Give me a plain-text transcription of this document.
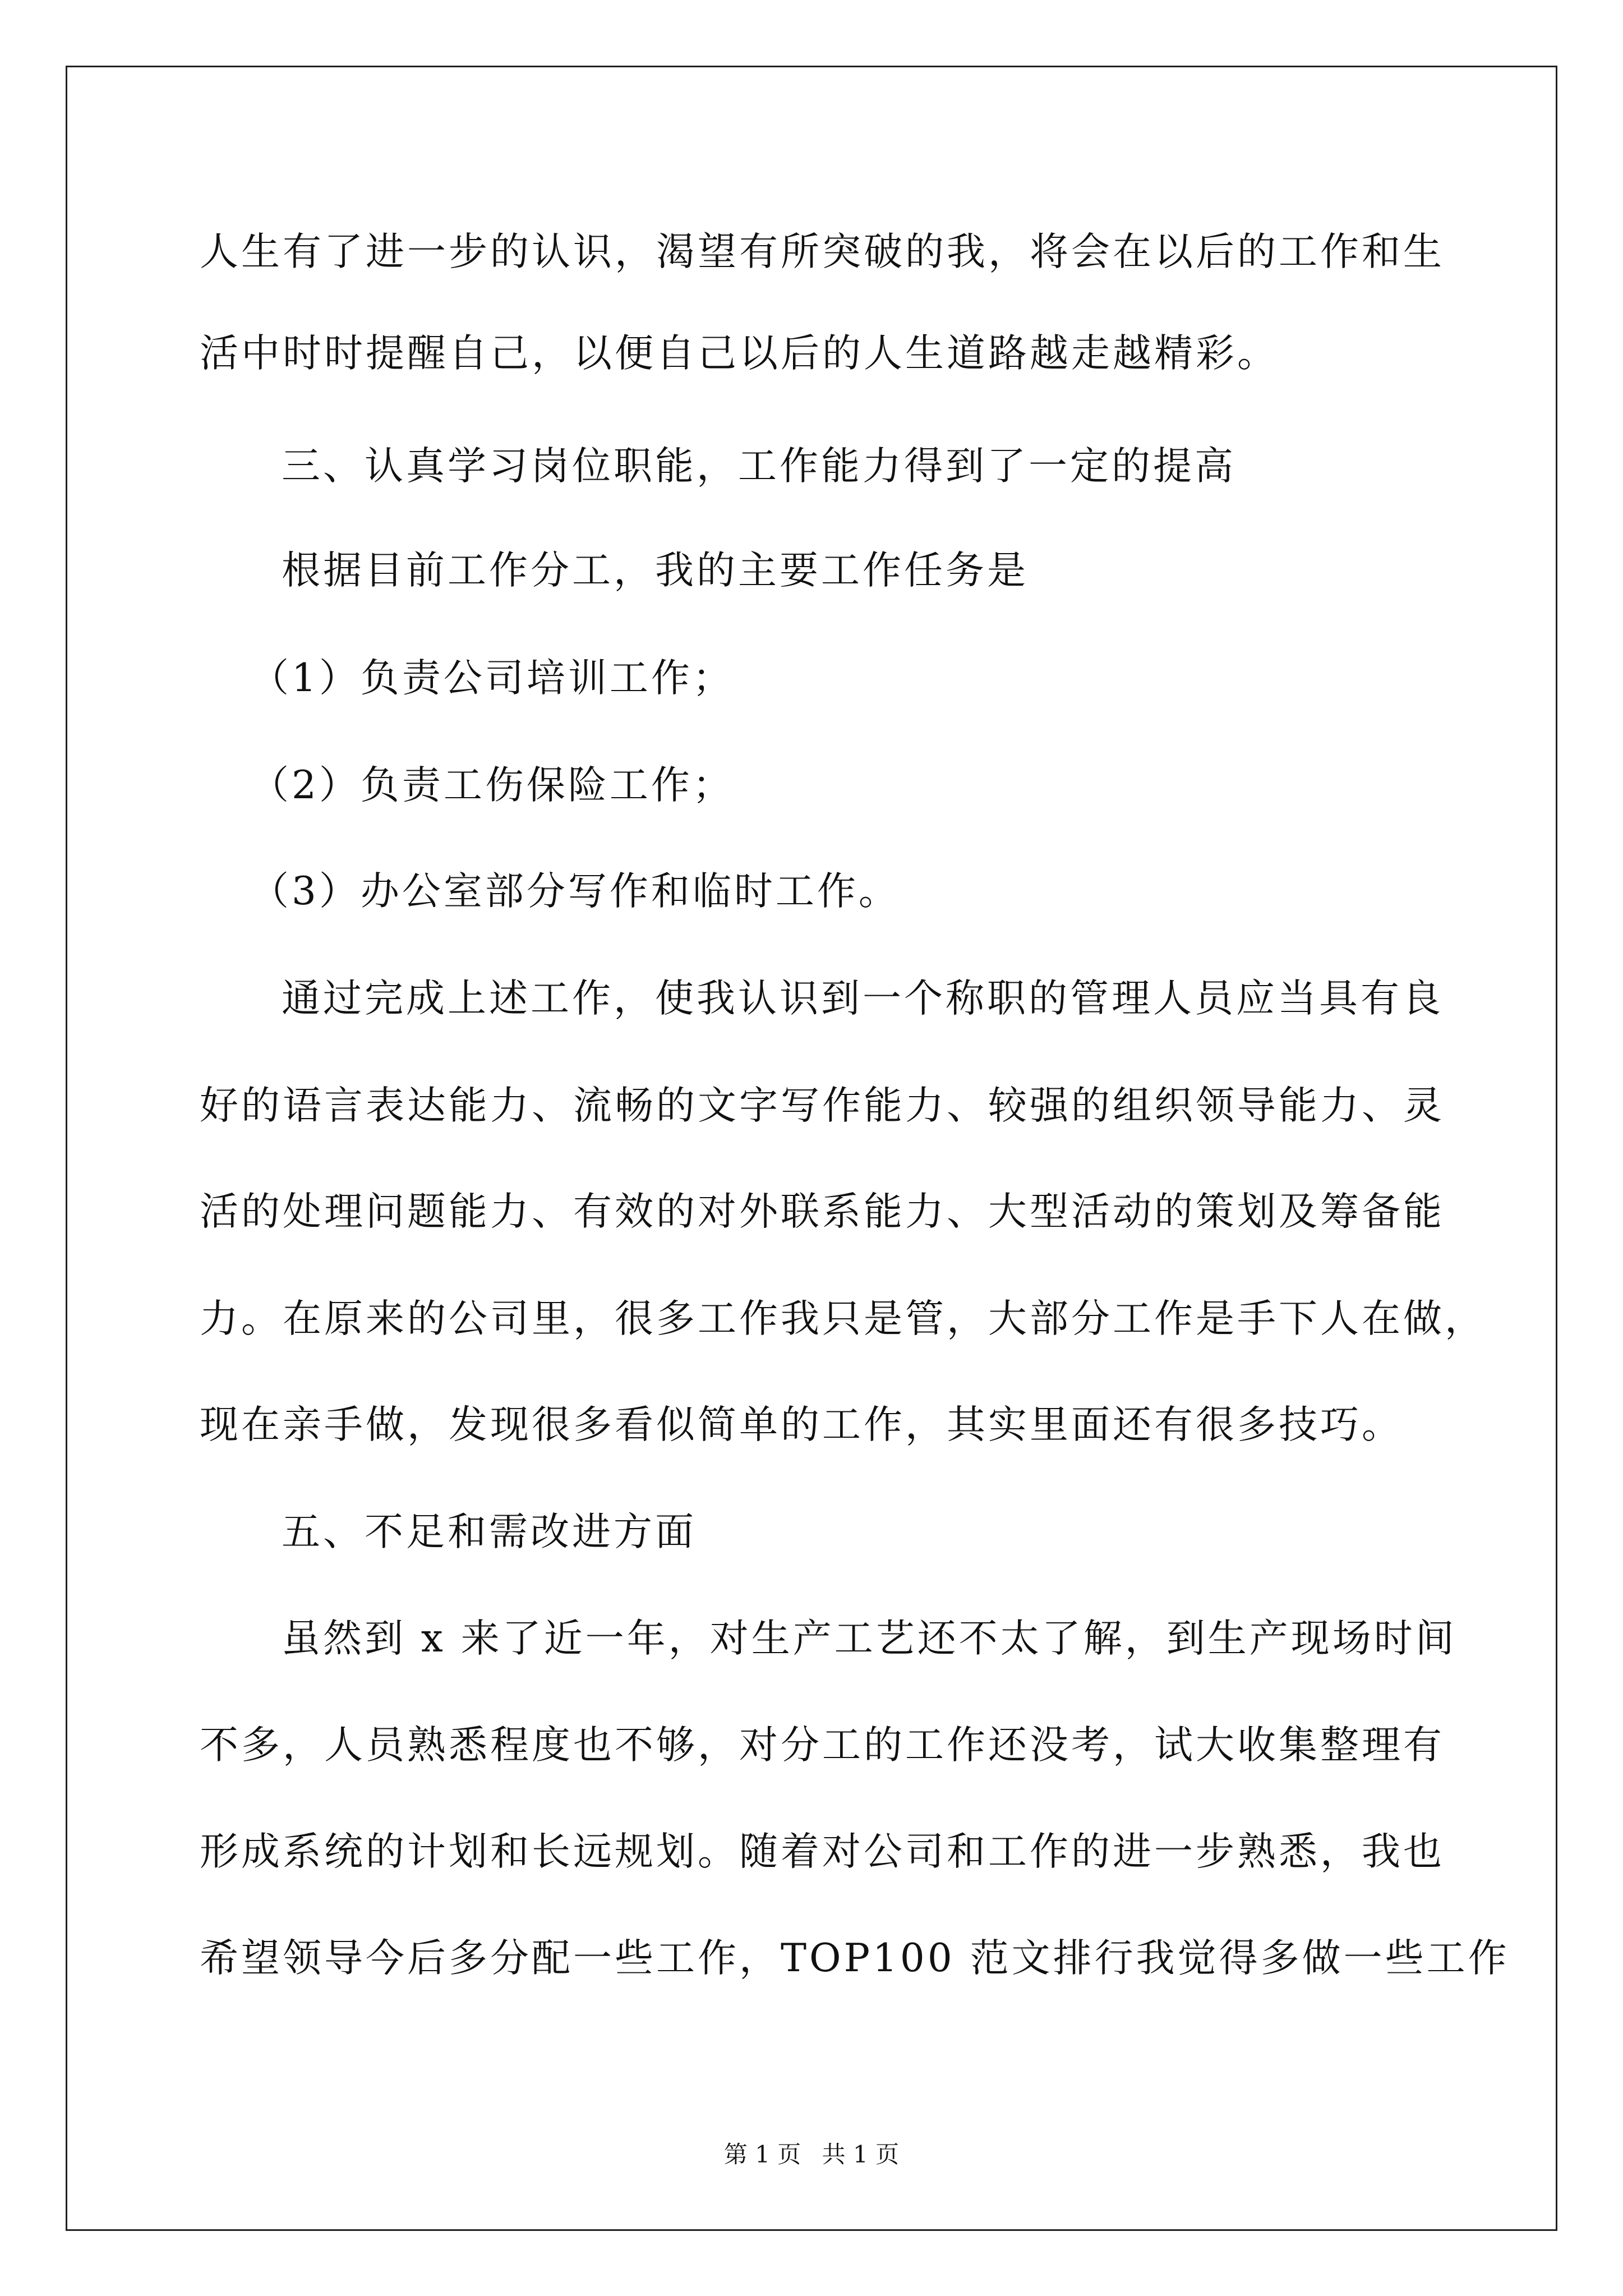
人生有了进一步的认识，渴望有所突破的我，将会在以后的工作和生
活中时时提醒自己，以便自己以后的人生道路越走越精彩。
三、认真学习岗位职能，工作能力得到了一定的提高
根据目前工作分工，我的主要工作任务是
（1）负责公司培训工作；
（2）负责工伤保险工作；
（3）办公室部分写作和临时工作。
通过完成上述工作，使我认识到一个称职的管理人员应当具有良
好的语言表达能力、流畅的文字写作能力、较强的组织领导能力、灵
活的处理问题能力、有效的对外联系能力、大型活动的策划及筹备能
力。在原来的公司里，很多工作我只是管，大部分工作是手下人在做，
现在亲手做，发现很多看似简单的工作，其实里面还有很多技巧。
五、不足和需改进方面
虽然到 x 来了近一年，对生产工艺还不太了解，到生产现场时间
不多，人员熟悉程度也不够，对分工的工作还没考，试大收集整理有
形成系统的计划和长远规划。随着对公司和工作的进一步熟悉，我也
希望领导今后多分配一些工作，TOP100 范文排行我觉得多做一些工作
第 1 页 共 1 页
